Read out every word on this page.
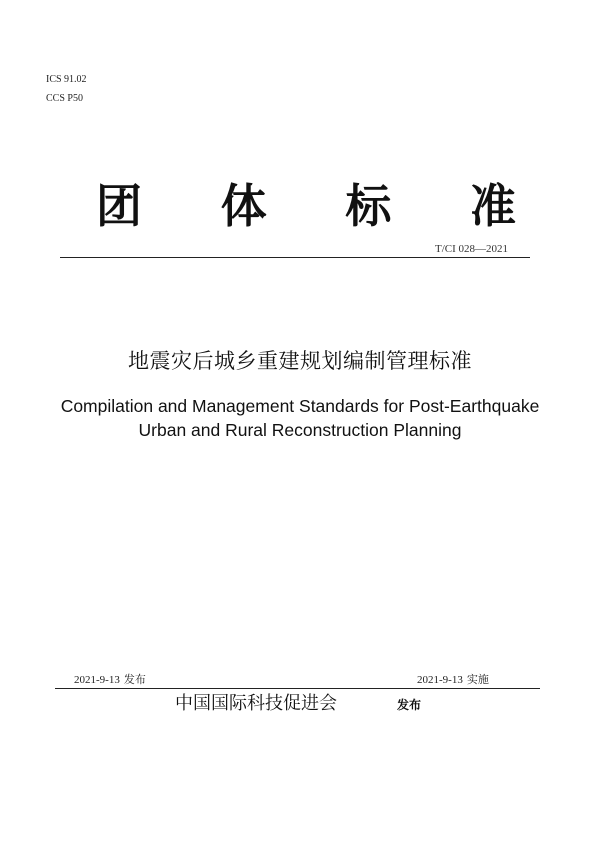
ICS 91.02
CCS P50
团 体 标 准
T/CI 028—2021
地震灾后城乡重建规划编制管理标准
Compilation and Management Standards for Post-Earthquake
Urban and Rural Reconstruction Planning
2021-9-13 发布	2021-9-13 实施
中国国际科技促进会	发布
